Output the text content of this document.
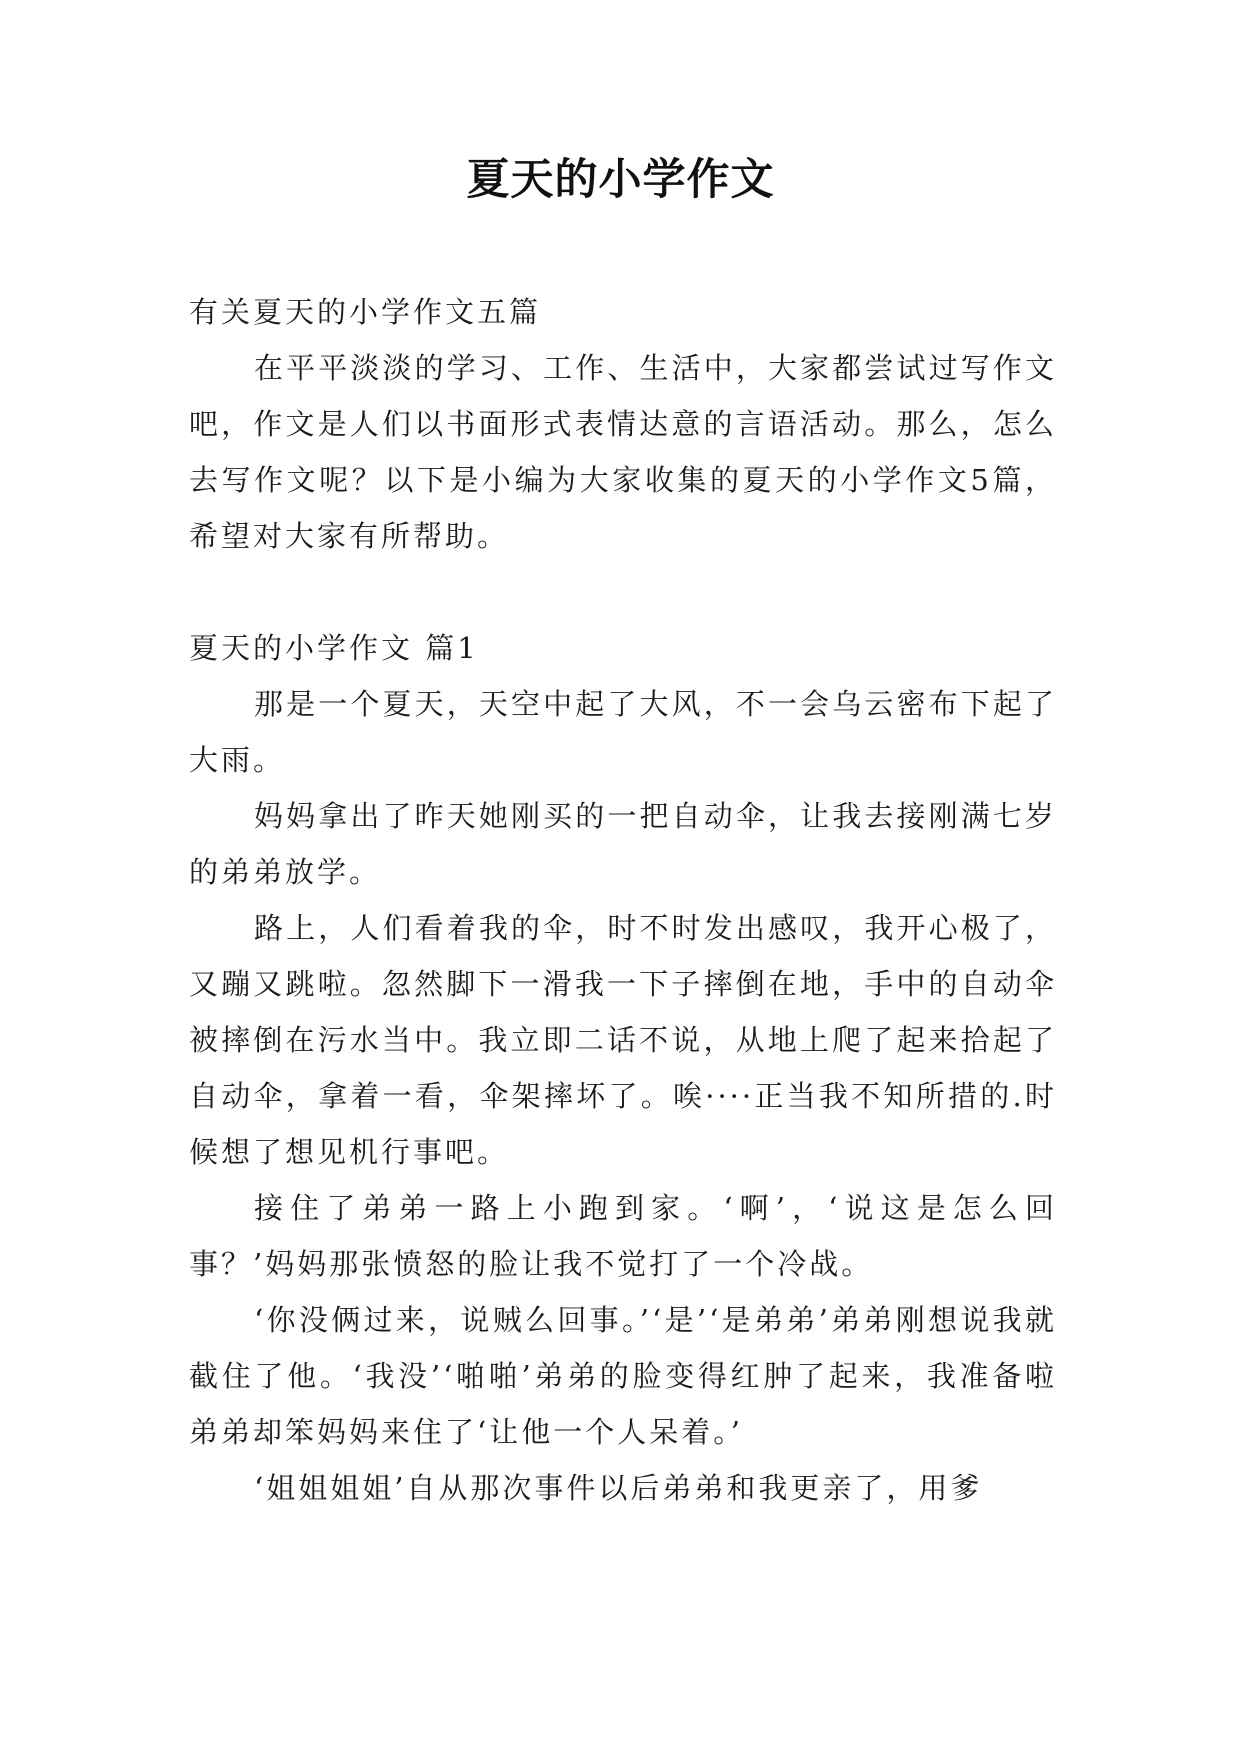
夏天的小学作文

有关夏天的小学作文五篇

在平平淡淡的学习、工作、生活中，大家都尝试过写作文吧，作文是人们以书面形式表情达意的言语活动。那么，怎么去写作文呢？以下是小编为大家收集的夏天的小学作文5篇，希望对大家有所帮助。

夏天的小学作文 篇1

那是一个夏天，天空中起了大风，不一会乌云密布下起了大雨。

妈妈拿出了昨天她刚买的一把自动伞，让我去接刚满七岁的弟弟放学。

路上，人们看着我的伞，时不时发出感叹，我开心极了，又蹦又跳啦。忽然脚下一滑我一下子摔倒在地，手中的自动伞被摔倒在污水当中。我立即二话不说，从地上爬了起来拾起了自动伞，拿着一看，伞架摔坏了。唉····正当我不知所措的.时候想了想见机行事吧。

接住了弟弟一路上小跑到家。‘啊’，‘说这是怎么回事？’妈妈那张愤怒的脸让我不觉打了一个冷战。

‘你没俩过来，说贼么回事。’‘是’‘是弟弟’弟弟刚想说我就截住了他。‘我没’‘啪啪’弟弟的脸变得红肿了起来，我准备啦弟弟却笨妈妈来住了‘让他一个人呆着。’

‘姐姐姐姐’自从那次事件以后弟弟和我更亲了，用爹
